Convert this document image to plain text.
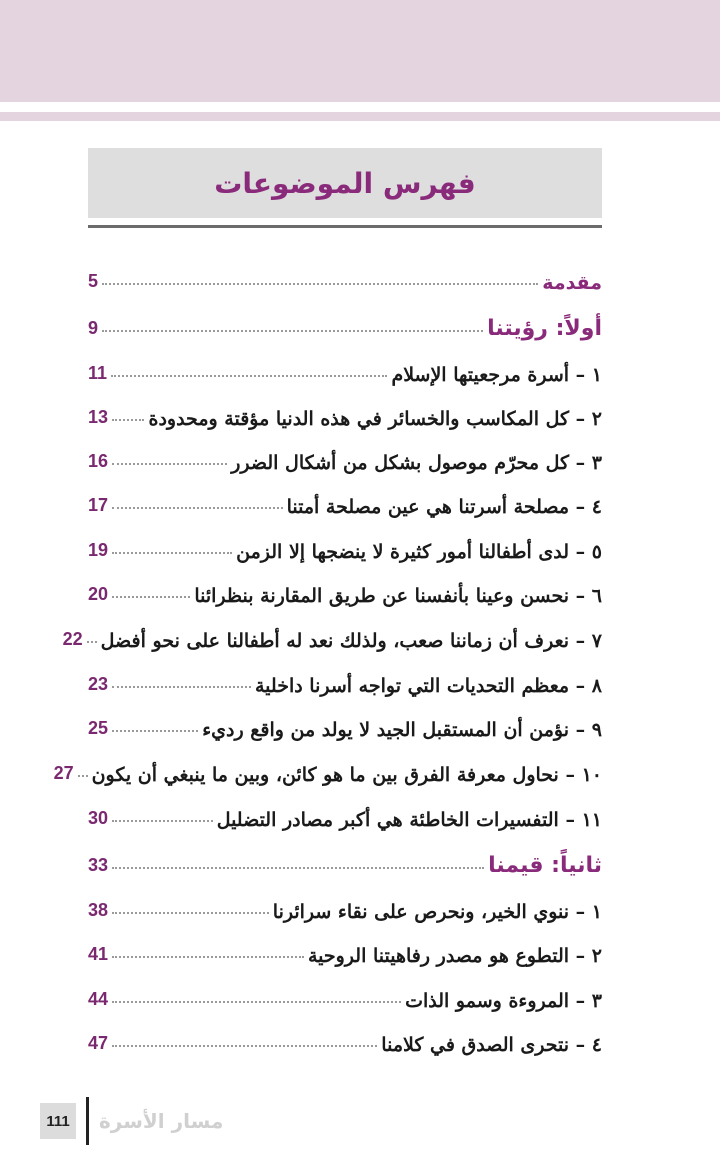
فهرس الموضوعات
مقدمة
5
أولاً: رؤيتنا
9
١ – أسرة مرجعيتها الإسلام
11
٢ – كل المكاسب والخسائر في هذه الدنيا مؤقتة ومحدودة
13
٣ – كل محرّم موصول بشكل من أشكال الضرر
16
٤ – مصلحة أسرتنا هي عين مصلحة أمتنا
17
٥ – لدى أطفالنا أمور كثيرة لا ينضجها إلا الزمن
19
٦ – نحسن وعينا بأنفسنا عن طريق المقارنة بنظرائنا
20
٧ – نعرف أن زماننا صعب، ولذلك نعد له أطفالنا على نحو أفضل
22
٨ – معظم التحديات التي تواجه أسرنا داخلية
23
٩ – نؤمن أن المستقبل الجيد لا يولد من واقع رديء
25
١٠ – نحاول معرفة الفرق بين ما هو كائن، وبين ما ينبغي أن يكون
27
١١ – التفسيرات الخاطئة هي أكبر مصادر التضليل
30
ثانياً: قيمنا
33
١ – ننوي الخير، ونحرص على نقاء سرائرنا
38
٢ – التطوع هو مصدر رفاهيتنا الروحية
41
٣ – المروءة وسمو الذات
44
٤ – نتحرى الصدق في كلامنا
47
111	مسار الأسرة
